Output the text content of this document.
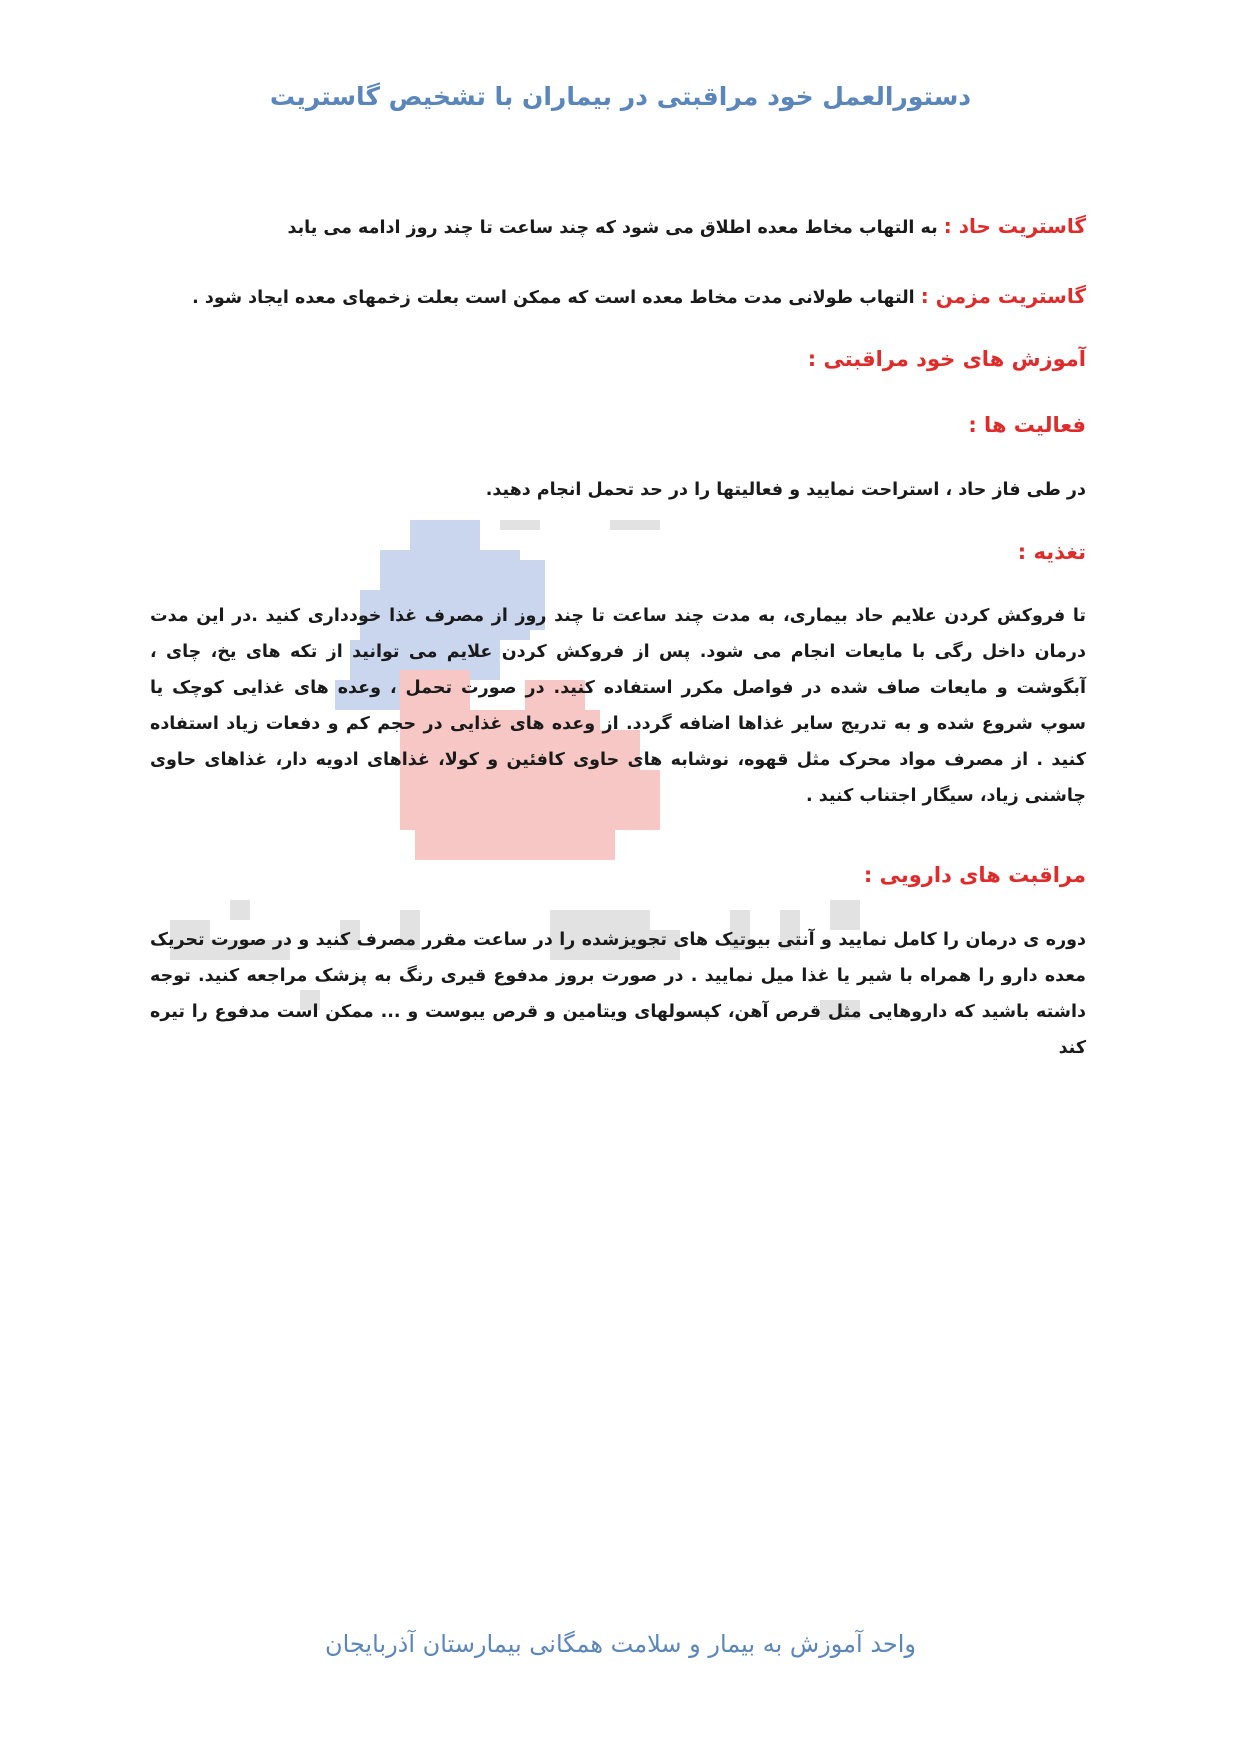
دستورالعمل خود مراقبتی در بیماران با تشخیص گاستریت

گاستریت حاد : به التهاب مخاط معده اطلاق می شود که چند ساعت تا چند روز ادامه می یابد

گاستریت مزمن : التهاب طولانی مدت مخاط معده است که ممکن است بعلت زخمهای معده ایجاد شود .

آموزش های خود مراقبتی :
فعالیت ها :

در طی فاز حاد ، استراحت نمایید و فعالیتها را در حد تحمل انجام دهید.

تغذیه :

تا فروکش کردن علایم حاد بیماری، به مدت چند ساعت تا چند روز از مصرف غذا خودداری کنید .در این مدت درمان داخل رگی با مایعات انجام می شود. پس از فروکش کردن علایم می توانید از تکه های یخ، چای ، آبگوشت و مایعات صاف شده در فواصل مکرر استفاده کنید. در صورت تحمل ، وعده های غذایی کوچک یا سوپ شروع شده و به تدریج سایر غذاها اضافه گردد. از وعده های غذایی در حجم کم و دفعات زیاد استفاده کنید . از مصرف مواد محرک مثل قهوه، نوشابه های حاوی کافئین و کولا، غذاهای ادویه دار، غذاهای حاوی چاشنی زیاد، سیگار اجتناب کنید .

مراقبت های دارویی :

دوره ی درمان را کامل نمایید و آنتی بیوتیک های تجویزشده را در ساعت مقرر مصرف کنید و در صورت تحریک معده دارو را همراه با شیر یا غذا میل نمایید . در صورت بروز مدفوع قیری رنگ به پزشک مراجعه کنید. توجه داشته باشید که داروهایی مثل قرص آهن، کپسولهای ویتامین و قرص یبوست و ... ممکن است مدفوع را تیره کند

واحد آموزش به بیمار و سلامت همگانی بیمارستان آذربایجان
